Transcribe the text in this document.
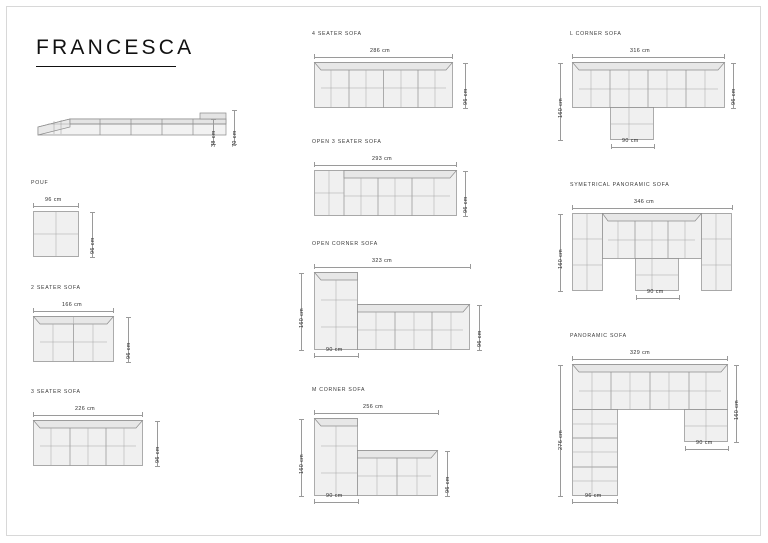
FRANCESCA
38 cm	70 cm
POUF
96 cm
96 cm
2 SEATER SOFA
166 cm
96 cm
3 SEATER SOFA
226 cm
96 cm
4 SEATER SOFA
286 cm
96 cm
OPEN 3 SEATER SOFA
293 cm
96 cm
OPEN CORNER SOFA
323 cm
160 cm
96 cm
90 cm
M CORNER SOFA
256 cm
160 cm
96 cm
90 cm
L CORNER SOFA
316 cm
96 cm
160 cm
90 cm
SYMETRICAL PANORAMIC SOFA
346 cm
160 cm
90 cm
PANORAMIC SOFA
329 cm
160 cm
276 cm	90 cm
96 cm
